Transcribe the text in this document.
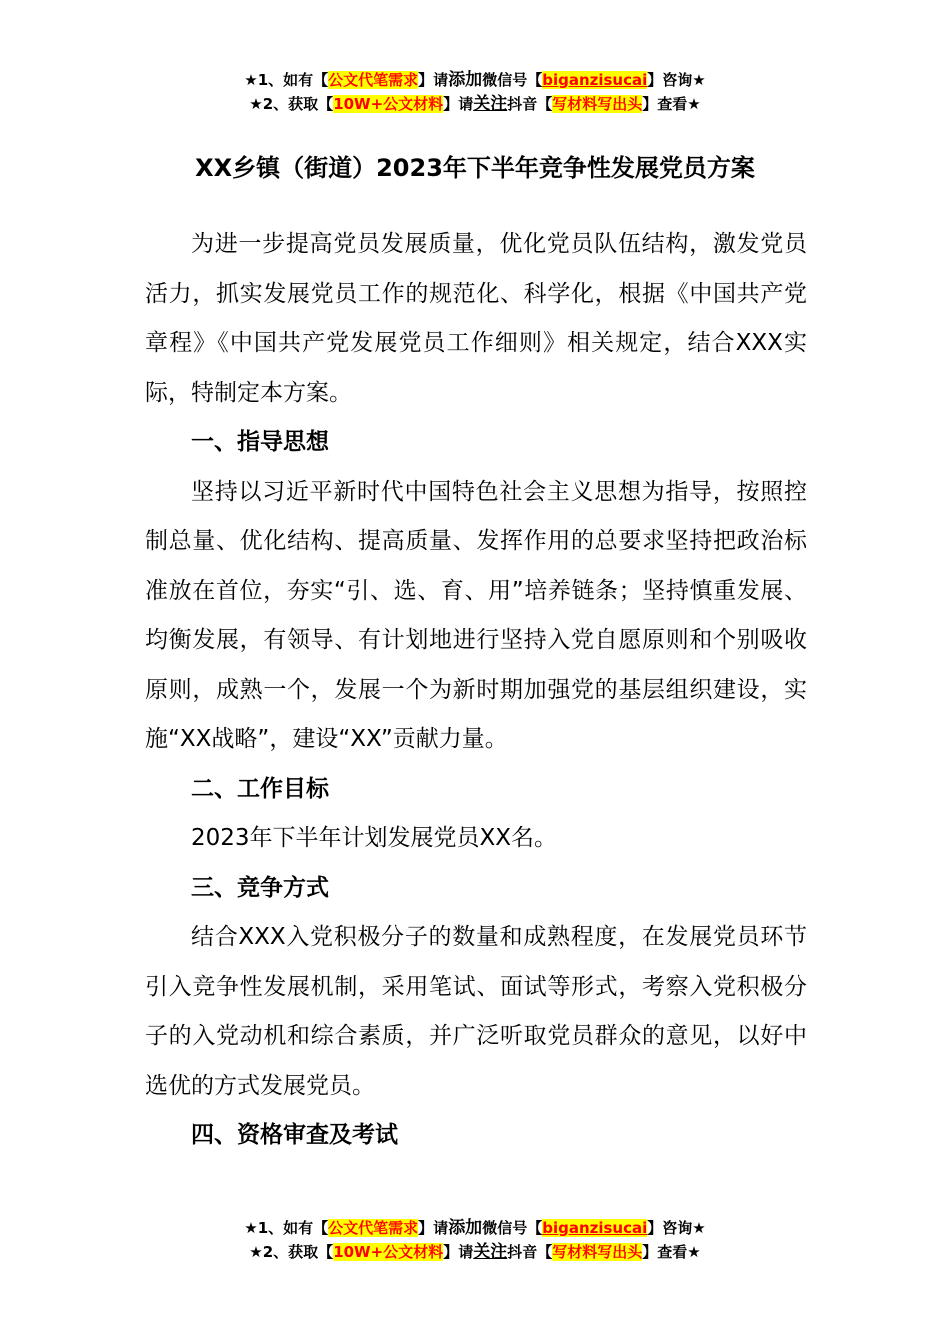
★1、如有【公文代笔需求】请添加微信号【biganzisucai】咨询★
★2、获取【10W+公文材料】请关注抖音【写材料写出头】查看★
XX乡镇（街道）2023年下半年竞争性发展党员方案

为进一步提高党员发展质量，优化党员队伍结构，激发党员活力，抓实发展党员工作的规范化、科学化，根据《中国共产党章程》《中国共产党发展党员工作细则》相关规定，结合XXX实际，特制定本方案。

一、指导思想

坚持以习近平新时代中国特色社会主义思想为指导，按照控制总量、优化结构、提高质量、发挥作用的总要求坚持把政治标准放在首位，夯实“引、选、育、用”培养链条；坚持慎重发展、均衡发展，有领导、有计划地进行坚持入党自愿原则和个别吸收原则，成熟一个，发展一个为新时期加强党的基层组织建设，实施“XX战略”，建设“XX”贡献力量。

二、工作目标

2023年下半年计划发展党员XX名。

三、竞争方式

结合XXX入党积极分子的数量和成熟程度，在发展党员环节引入竞争性发展机制，采用笔试、面试等形式，考察入党积极分子的入党动机和综合素质，并广泛听取党员群众的意见，以好中选优的方式发展党员。

四、资格审查及考试
★1、如有【公文代笔需求】请添加微信号【biganzisucai】咨询★
★2、获取【10W+公文材料】请关注抖音【写材料写出头】查看★
